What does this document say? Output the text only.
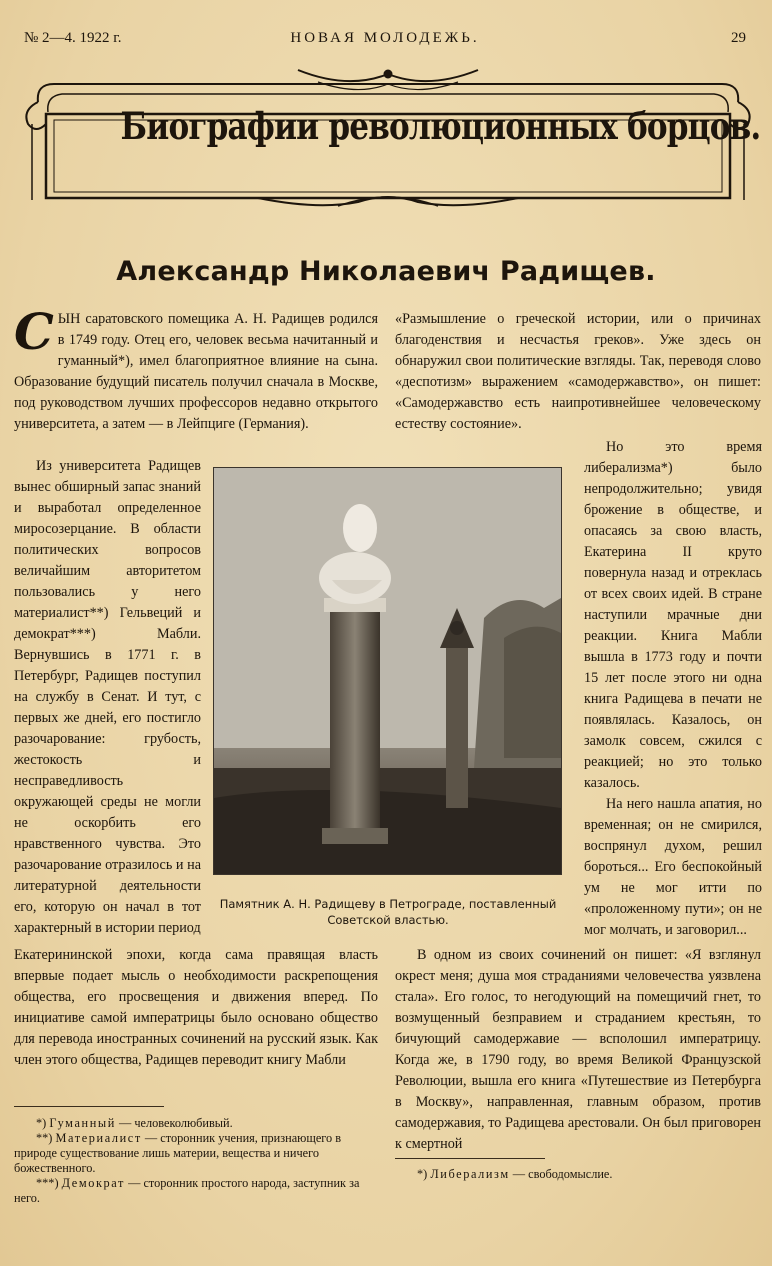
№ 2—4. 1922 г.	НОВАЯ МОЛОДЕЖЬ.	29
Биографии революционных борцов.
Александр Николаевич Радищев.

СЫН саратовского помещика А. Н. Радищев родился в 1749 году. Отец его, человек весьма начитанный и гуманный*), имел благоприятное влияние на сына. Образование будущий писатель получил сначала в Москве, под руководством лучших профессоров недавно открытого университета, а затем — в Лейпциге (Германия).

Из университета Радищев вынес обширный запас знаний и выработал определенное миросозерцание. В области политических вопросов величайшим авторитетом пользовались у него материалист**) Гельвеций и демократ***) Мабли. Вернувшись в 1771 г. в Петербург, Радищев поступил на службу в Сенат. И тут, с первых же дней, его постигло разочарование: грубость, жестокость и несправедливость окружающей среды не могли не оскорбить его нравственного чувства. Это разочарование отразилось и на литературной деятельности его, которую он начал в тот характерный в истории период

Екатерининской эпохи, когда сама правящая власть впервые подает мысль о необходимости раскрепощения общества, его просвещения и движения вперед. По инициативе самой императрицы было основано общество для перевода иностранных сочинений на русский язык. Как член этого общества, Радищев переводит книгу Мабли

*) Гуманный — человеколюбивый.

**) Материалист — сторонник учения, признающего в природе существование лишь материи, вещества и ничего божественного.

***) Демократ — сторонник простого народа, заступник за него.

«Размышление о греческой истории, или о причинах благоденствия и несчастья греков». Уже здесь он обнаружил свои политические взгляды. Так, переводя слово «деспотизм» выражением «самодержавство», он пишет: «Самодержавство есть наипротивнейшее человеческому естеству состояние».

Но это время либерализма*) было непродолжительно; увидя брожение в обществе, и опасаясь за свою власть, Екатерина II круто повернула назад и отреклась от всех своих идей. В стране наступили мрачные дни реакции. Книга Мабли вышла в 1773 году и почти 15 лет после этого ни одна книга Радищева в печати не появлялась. Казалось, он замолк совсем, сжился с реакцией; но это только казалось.

На него нашла апатия, но временная; он не смирился, воспрянул духом, решил бороться... Его беспокойный ум не мог итти по «проложенному пути»; он не мог молчать, и заговорил...

В одном из своих сочинений он пишет: «Я взглянул окрест меня; душа моя страданиями человечества уязвлена стала». Его голос, то негодующий на помещичий гнет, то возмущенный безправием и страданием крестьян, то бичующий самодержавие — вcполошил императрицу. Когда же, в 1790 году, во время Великой Французской Революции, вышла его книга «Путешествие из Петербурга в Москву», направленная, главным образом, против самодержавия, то Радищева арестовали. Он был приговорен к смертной

*) Либерализм — свободомыслие.

Памятник А. Н. Радищеву в Петрограде, поставленный Советской властью.
